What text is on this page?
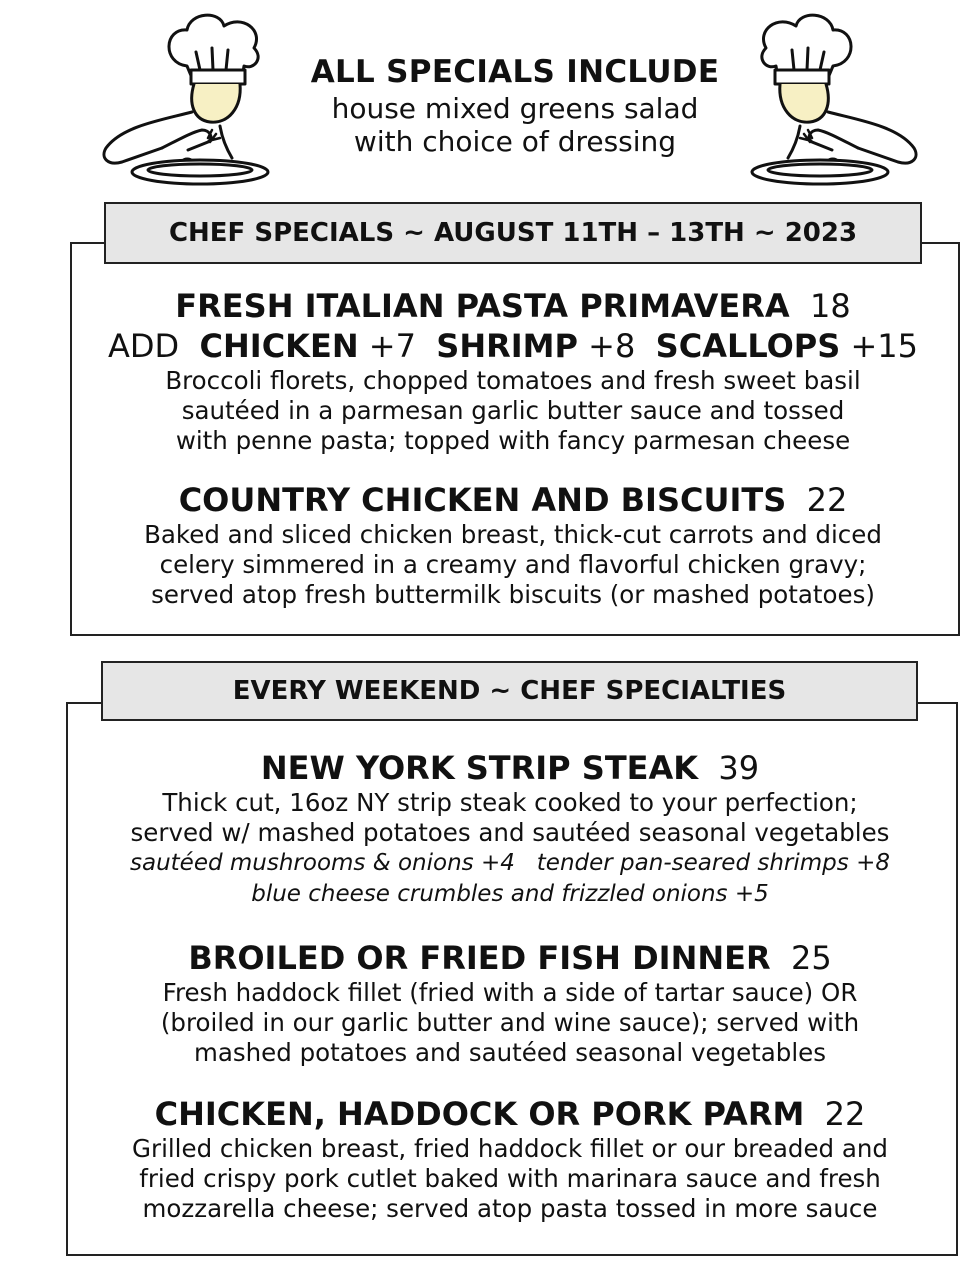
ALL SPECIALS INCLUDE
house mixed greens salad
with choice of dressing
CHEF SPECIALS ~ AUGUST 11TH – 13TH ~ 2023
FRESH ITALIAN PASTA PRIMAVERA 18
ADD CHICKEN +7 SHRIMP +8 SCALLOPS +15
Broccoli florets, chopped tomatoes and fresh sweet basil
sautéed in a parmesan garlic butter sauce and tossed
with penne pasta; topped with fancy parmesan cheese
COUNTRY CHICKEN AND BISCUITS 22
Baked and sliced chicken breast, thick-cut carrots and diced
celery simmered in a creamy and flavorful chicken gravy;
served atop fresh buttermilk biscuits (or mashed potatoes)
EVERY WEEKEND ~ CHEF SPECIALTIES
NEW YORK STRIP STEAK 39
Thick cut, 16oz NY strip steak cooked to your perfection;
served w/ mashed potatoes and sautéed seasonal vegetables
sautéed mushrooms & onions +4   tender pan-seared shrimps +8
blue cheese crumbles and frizzled onions +5
BROILED OR FRIED FISH DINNER 25
Fresh haddock fillet (fried with a side of tartar sauce) OR
(broiled in our garlic butter and wine sauce); served with
mashed potatoes and sautéed seasonal vegetables
CHICKEN, HADDOCK OR PORK PARM 22
Grilled chicken breast, fried haddock fillet or our breaded and
fried crispy pork cutlet baked with marinara sauce and fresh
mozzarella cheese; served atop pasta tossed in more sauce
